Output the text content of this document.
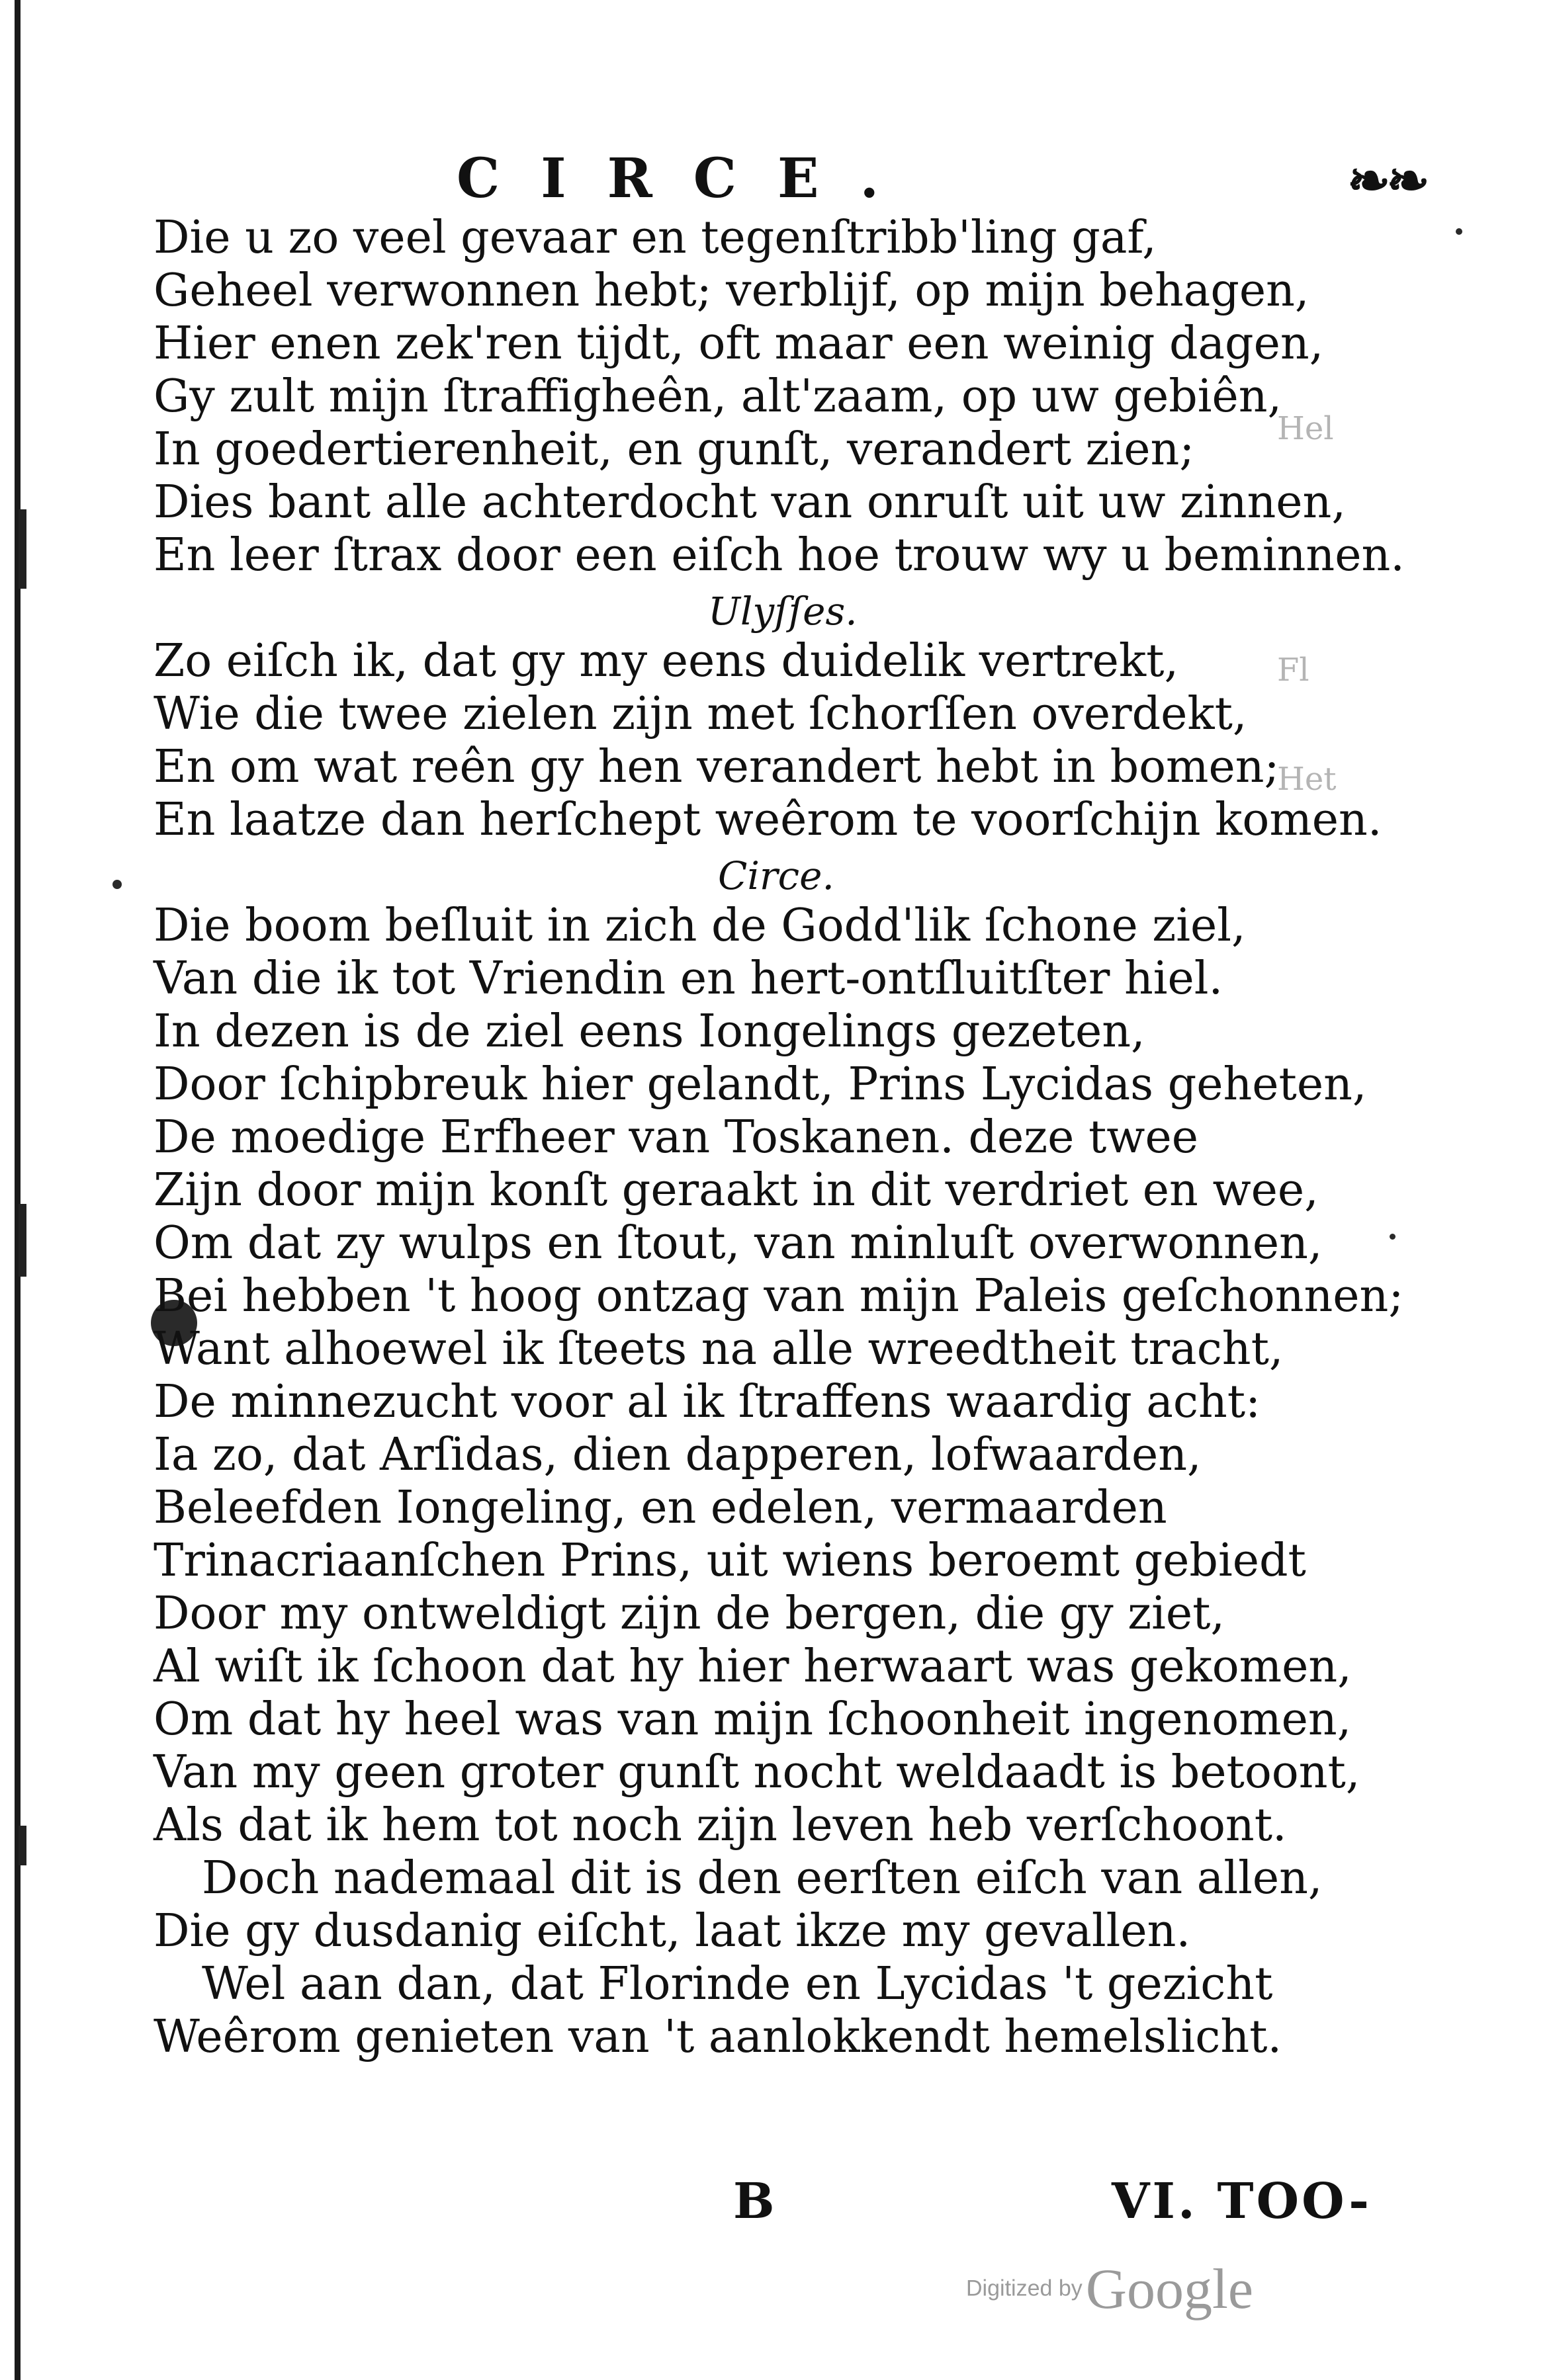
CIRCE.	❧❧
Fl
Het
Hel
Die u zo veel gevaar en tegenſtribb'ling gaf,
Geheel verwonnen hebt; verblijf, op mijn behagen,
Hier enen zek'ren tijdt, oft maar een weinig dagen,
Gy zult mijn ſtraffigheên, alt'zaam, op uw gebiên,
In goedertierenheit, en gunſt, verandert zien;
Dies bant alle achterdocht van onruſt uit uw zinnen,
En leer ſtrax door een eiſch hoe trouw wy u beminnen.
Ulyſſes.
Zo eiſch ik, dat gy my eens duidelik vertrekt,
Wie die twee zielen zijn met ſchorſſen overdekt,
En om wat reên gy hen verandert hebt in bomen;
En laatze dan herſchept weêrom te voorſchijn komen.
Circe.
Die boom beſluit in zich de Godd'lik ſchone ziel,
Van die ik tot Vriendin en hert-ontſluitſter hiel.
In dezen is de ziel eens Iongelings gezeten,
Door ſchipbreuk hier gelandt, Prins Lycidas geheten,
De moedige Erfheer van Toskanen. deze twee
Zijn door mijn konſt geraakt in dit verdriet en wee,
Om dat zy wulps en ſtout, van minluſt overwonnen,
Bei hebben 't hoog ontzag van mijn Paleis geſchonnen;
Want alhoewel ik ſteets na alle wreedtheit tracht,
De minnezucht voor al ik ſtraffens waardig acht:
Ia zo, dat Arſidas, dien dapperen, lofwaarden,
Beleefden Iongeling, en edelen, vermaarden
Trinacriaanſchen Prins, uit wiens beroemt gebiedt
Door my ontweldigt zijn de bergen, die gy ziet,
Al wiſt ik ſchoon dat hy hier herwaart was gekomen,
Om dat hy heel was van mijn ſchoonheit ingenomen,
Van my geen groter gunſt nocht weldaadt is betoont,
Als dat ik hem tot noch zijn leven heb verſchoont.
Doch nademaal dit is den eerſten eiſch van allen,
Die gy dusdanig eiſcht, laat ikze my gevallen.
Wel aan dan, dat Florinde en Lycidas 't gezicht
Weêrom genieten van 't aanlokkendt hemelslicht.
B	VI. TOO-
Digitized by Google
